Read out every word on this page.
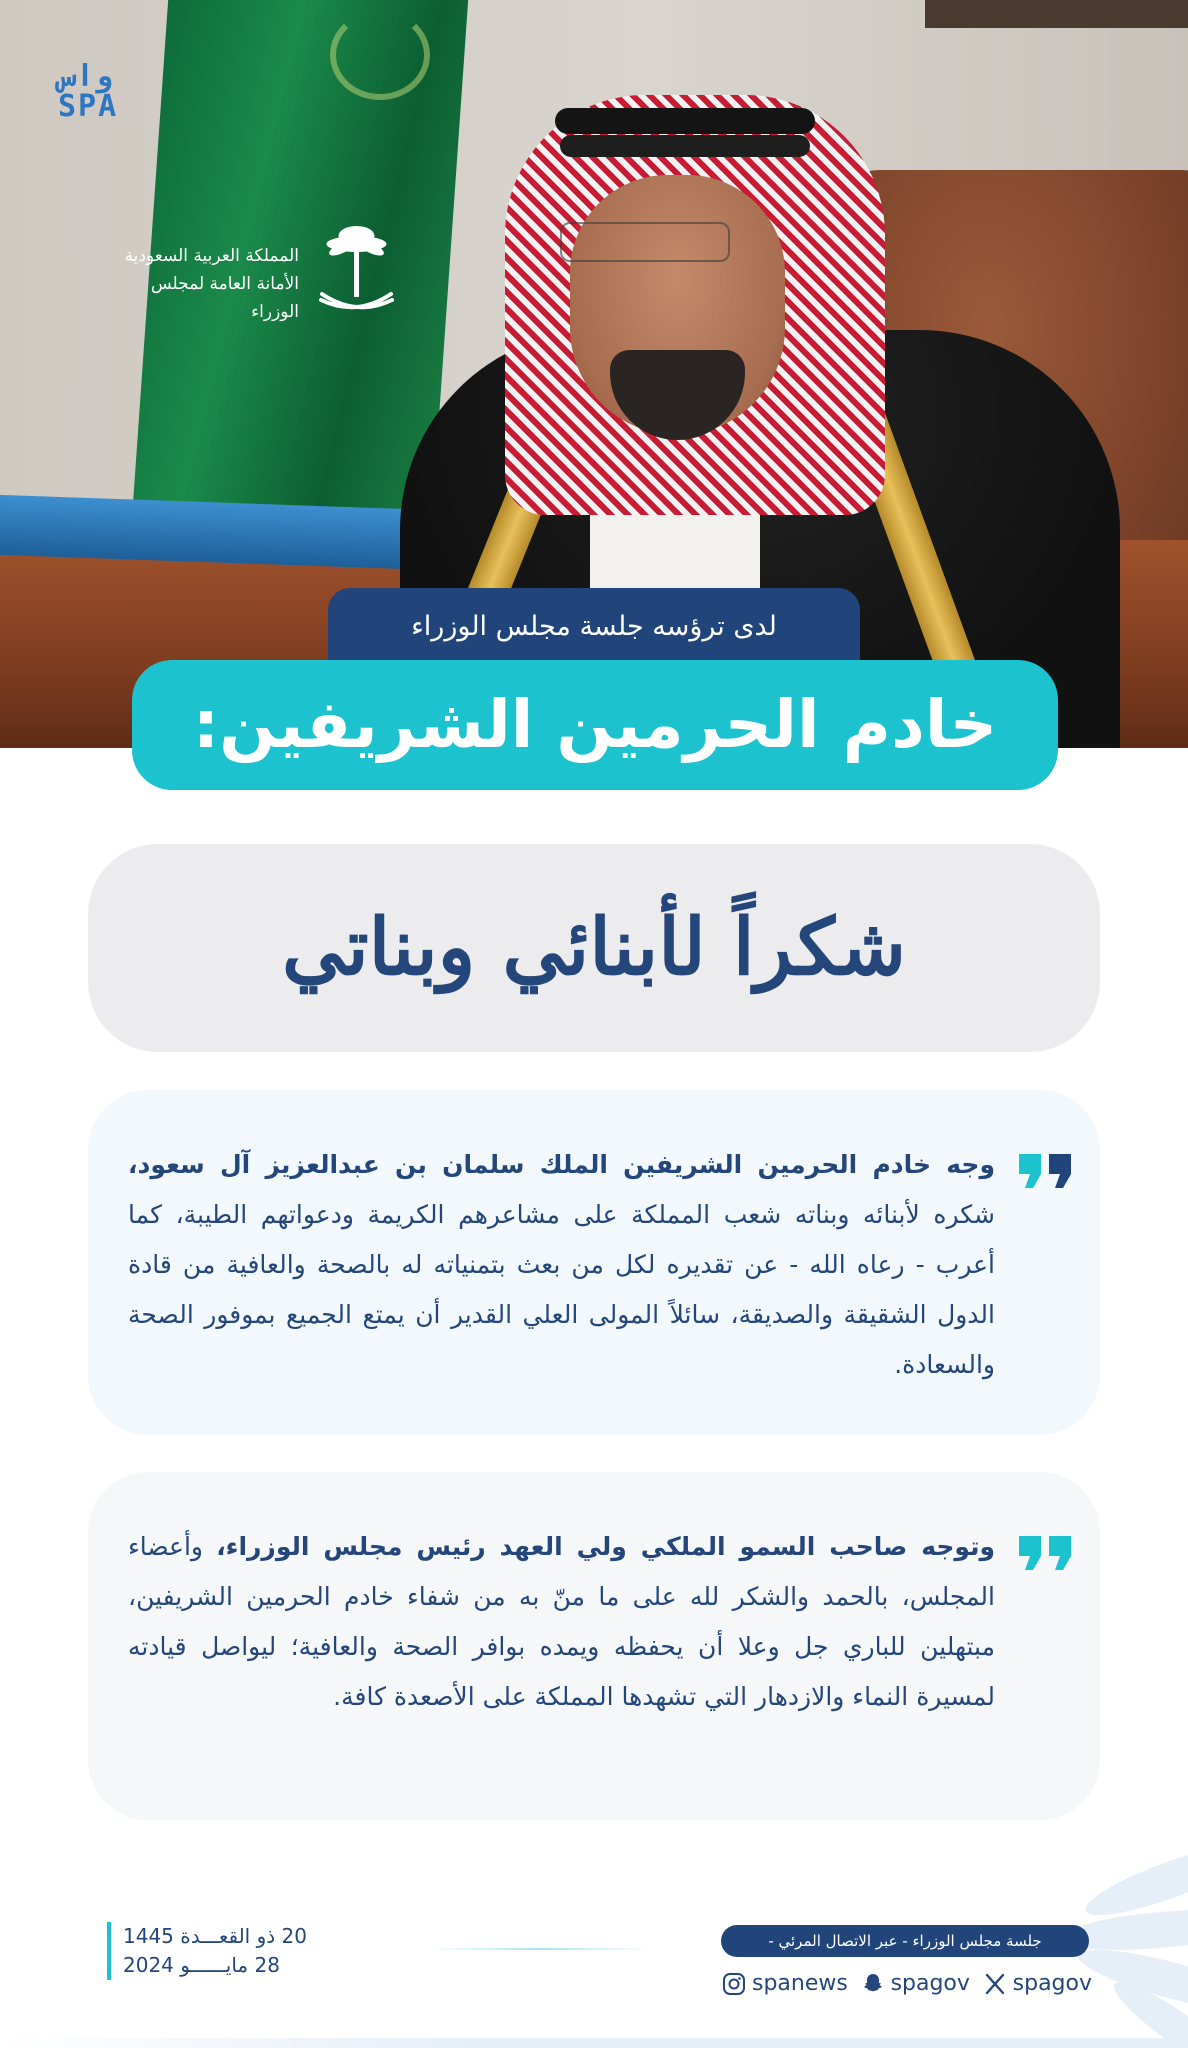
واس
SPA
المملكة العربية السعودية
الأمانة العامة لمجلس الوزراء
لدى ترؤسه جلسة مجلس الوزراء
خادم الحرمين الشريفين:
شكراً لأبنائي وبناتي

وجه خادم الحرمين الشريفين الملك سلمان بن عبدالعزيز آل سعود، شكره لأبنائه وبناته شعب المملكة على مشاعرهم الكريمة ودعواتهم الطيبة، كما أعرب - رعاه الله - عن تقديره لكل من بعث بتمنياته له بالصحة والعافية من قادة الدول الشقيقة والصديقة، سائلاً المولى العلي القدير أن يمتع الجميع بموفور الصحة والسعادة.

وتوجه صاحب السمو الملكي ولي العهد رئيس مجلس الوزراء، وأعضاء المجلس، بالحمد والشكر لله على ما منّ به من شفاء خادم الحرمين الشريفين، مبتهلين للباري جل وعلا أن يحفظه ويمده بوافر الصحة والعافية؛ ليواصل قيادته لمسيرة النماء والازدهار التي تشهدها المملكة على الأصعدة كافة.

20 ذو القعـــدة 1445
28 مايــــــو 2024
جلسة مجلس الوزراء - عبر الاتصال المرئي -
spanews spagov spagov
